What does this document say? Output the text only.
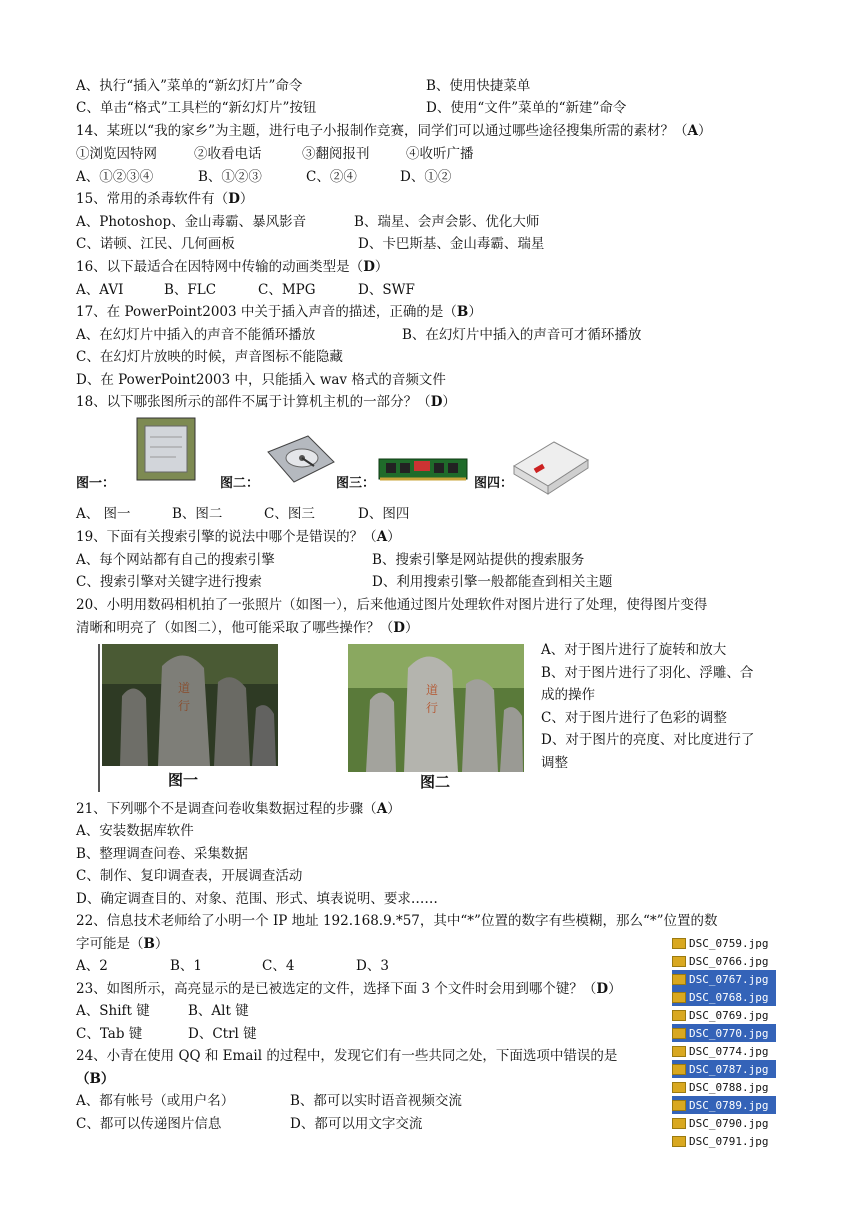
A、执行“插入”菜单的“新幻灯片”命令	B、使用快捷菜单
C、单击“格式”工具栏的“新幻灯片”按钮	D、使用“文件”菜单的“新建”命令
14、某班以“我的家乡”为主题，进行电子小报制作竞赛，同学们可以通过哪些途径搜集所需的素材？（A）
①浏览因特网	②收看电话	③翻阅报刊	④收听广播
A、①②③④	B、①②③	C、②④	D、①②
15、常用的杀毒软件有（D）
A、Photoshop、金山毒霸、暴风影音	B、瑞星、会声会影、优化大师
C、诺顿、江民、几何画板	D、卡巴斯基、金山毒霸、瑞星
16、以下最适合在因特网中传输的动画类型是（D）
A、AVI	B、FLC	C、MPG	D、SWF
17、在 PowerPoint2003 中关于插入声音的描述，正确的是（B）
A、在幻灯片中插入的声音不能循环播放	B、在幻灯片中插入的声音可才循环播放
C、在幻灯片放映的时候，声音图标不能隐藏
D、在 PowerPoint2003 中，只能插入 wav 格式的音频文件
18、以下哪张图所示的部件不属于计算机主机的一部分？（D）
图一：	图二：	图三：	图四：
A、 图一	B、图二	C、图三	D、图四
19、下面有关搜索引擎的说法中哪个是错误的？（A）
A、每个网站都有自己的搜索引擎	B、搜索引擎是网站提供的搜索服务
C、搜索引擎对关键字进行搜索	D、利用搜索引擎一般都能查到相关主题
20、小明用数码相机拍了一张照片（如图一），后来他通过图片处理软件对图片进行了处理，使得图片变得
清晰和明亮了（如图二），他可能采取了哪些操作？（D）
道
行
道
行
图一	图二
A、对于图片进行了旋转和放大
B、对于图片进行了羽化、浮雕、合
成的操作
C、对于图片进行了色彩的调整
D、对于图片的亮度、对比度进行了
调整
21、下列哪个不是调查问卷收集数据过程的步骤（A）
A、安装数据库软件
B、整理调查问卷、采集数据
C、制作、复印调查表，开展调查活动
D、确定调查目的、对象、范围、形式、填表说明、要求……
22、信息技术老师给了小明一个 IP 地址 192.168.9.*57，其中“*”位置的数字有些模糊，那么“*”位置的数
字可能是（B）
A、2	B、1	C、4	D、3
23、如图所示，高亮显示的是已被选定的文件，选择下面 3 个文件时会用到哪个键？（D）
A、Shift 键	B、Alt 键
C、Tab 键	D、Ctrl 键
24、小青在使用 QQ 和 Email 的过程中，发现它们有一些共同之处，下面选项中错误的是
（B）
A、都有帐号（或用户名）	B、都可以实时语音视频交流
C、都可以传递图片信息	D、都可以用文字交流
DSC_0759.jpg
DSC_0766.jpg
DSC_0767.jpg
DSC_0768.jpg
DSC_0769.jpg
DSC_0770.jpg
DSC_0774.jpg
DSC_0787.jpg
DSC_0788.jpg
DSC_0789.jpg
DSC_0790.jpg
DSC_0791.jpg
